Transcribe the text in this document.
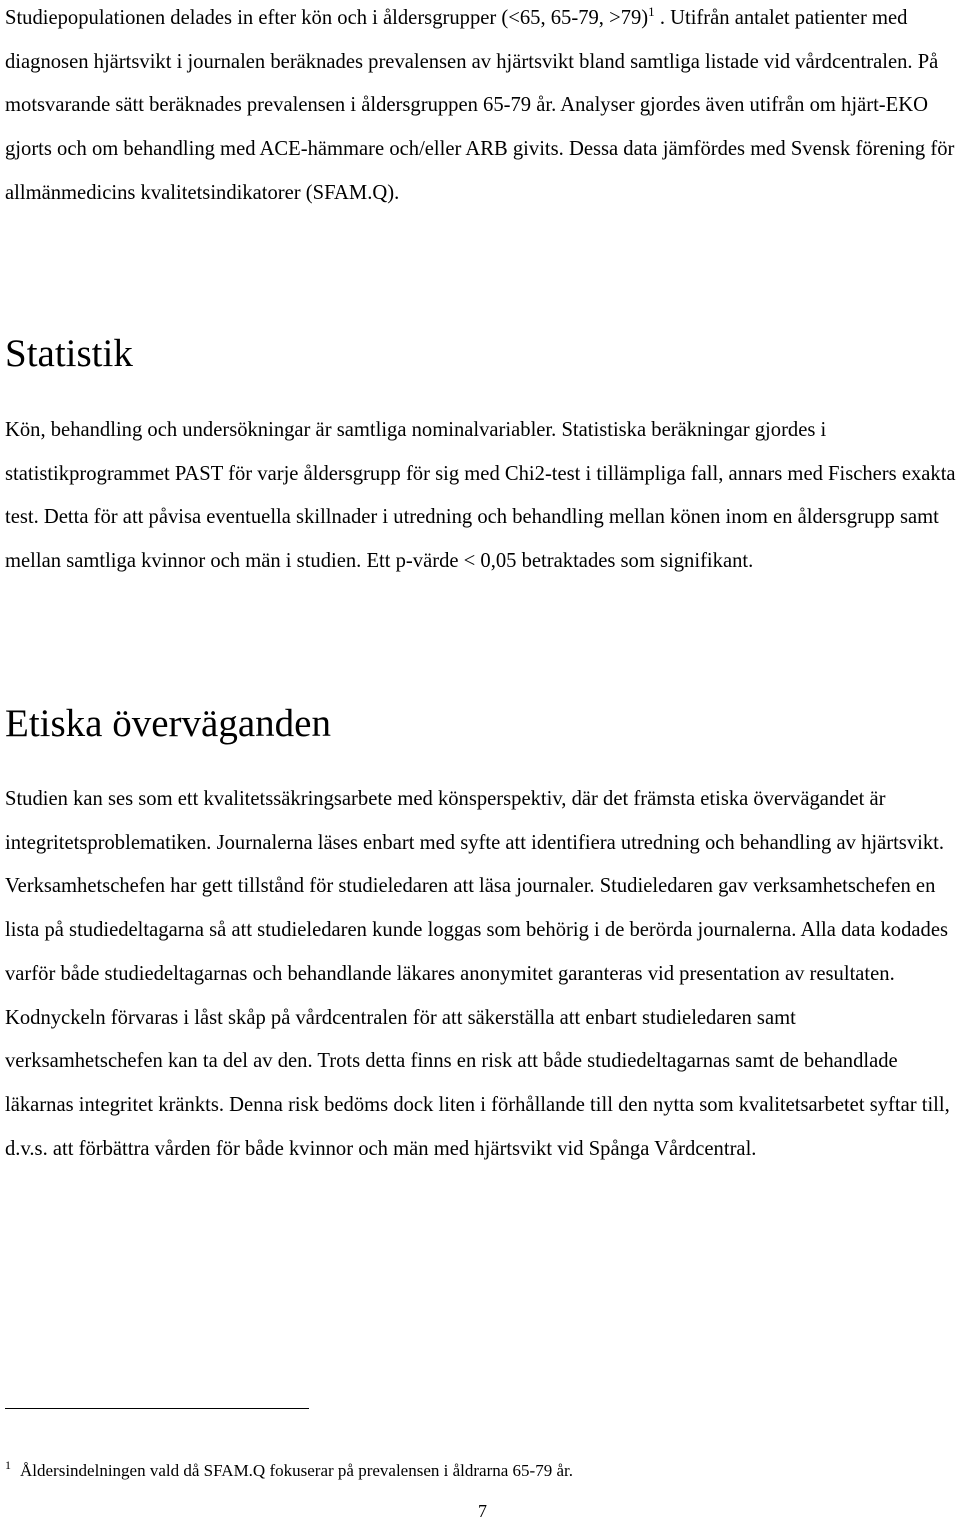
Studiepopulationen delades in efter kön och i åldersgrupper (<65, 65-79, >79)$^1$ . Utifrån antalet patienter med diagnosen hjärtsvikt i journalen beräknades prevalensen av hjärtsvikt bland samtliga listade vid vårdcentralen. På motsvarande sätt beräknades prevalensen i åldersgruppen 65-79 år. Analyser gjordes även utifrån om hjärt-EKO gjorts och om behandling med ACE-hämmare och/eller ARB givits. Dessa data jämfördes med Svensk förening för allmänmedicins kvalitetsindikatorer (SFAM.Q).

Statistik

Kön, behandling och undersökningar är samtliga nominalvariabler. Statistiska beräkningar gjordes i statistikprogrammet PAST för varje åldersgrupp för sig med Chi2-test i tillämpliga fall, annars med Fischers exakta test. Detta för att påvisa eventuella skillnader i utredning och behandling mellan könen inom en åldersgrupp samt mellan samtliga kvinnor och män i studien. Ett p-värde < 0,05 betraktades som signifikant.

Etiska överväganden

Studien kan ses som ett kvalitetssäkringsarbete med könsperspektiv, där det främsta etiska övervägandet är integritetsproblematiken. Journalerna läses enbart med syfte att identifiera utredning och behandling av hjärtsvikt. Verksamhetschefen har gett tillstånd för studieledaren att läsa journaler. Studieledaren gav verksamhetschefen en lista på studiedeltagarna så att studieledaren kunde loggas som behörig i de berörda journalerna. Alla data kodades varför både studiedeltagarnas och behandlande läkares anonymitet garanteras vid presentation av resultaten. Kodnyckeln förvaras i låst skåp på vårdcentralen för att säkerställa att enbart studieledaren samt verksamhetschefen kan ta del av den. Trots detta finns en risk att både studiedeltagarnas samt de behandlade läkarnas integritet kränkts. Denna risk bedöms dock liten i förhållande till den nytta som kvalitetsarbetet syftar till, d.v.s. att förbättra vården för både kvinnor och män med hjärtsvikt vid Spånga Vårdcentral.

$^1$ Åldersindelningen vald då SFAM.Q fokuserar på prevalensen i åldrarna 65-79 år.

7
